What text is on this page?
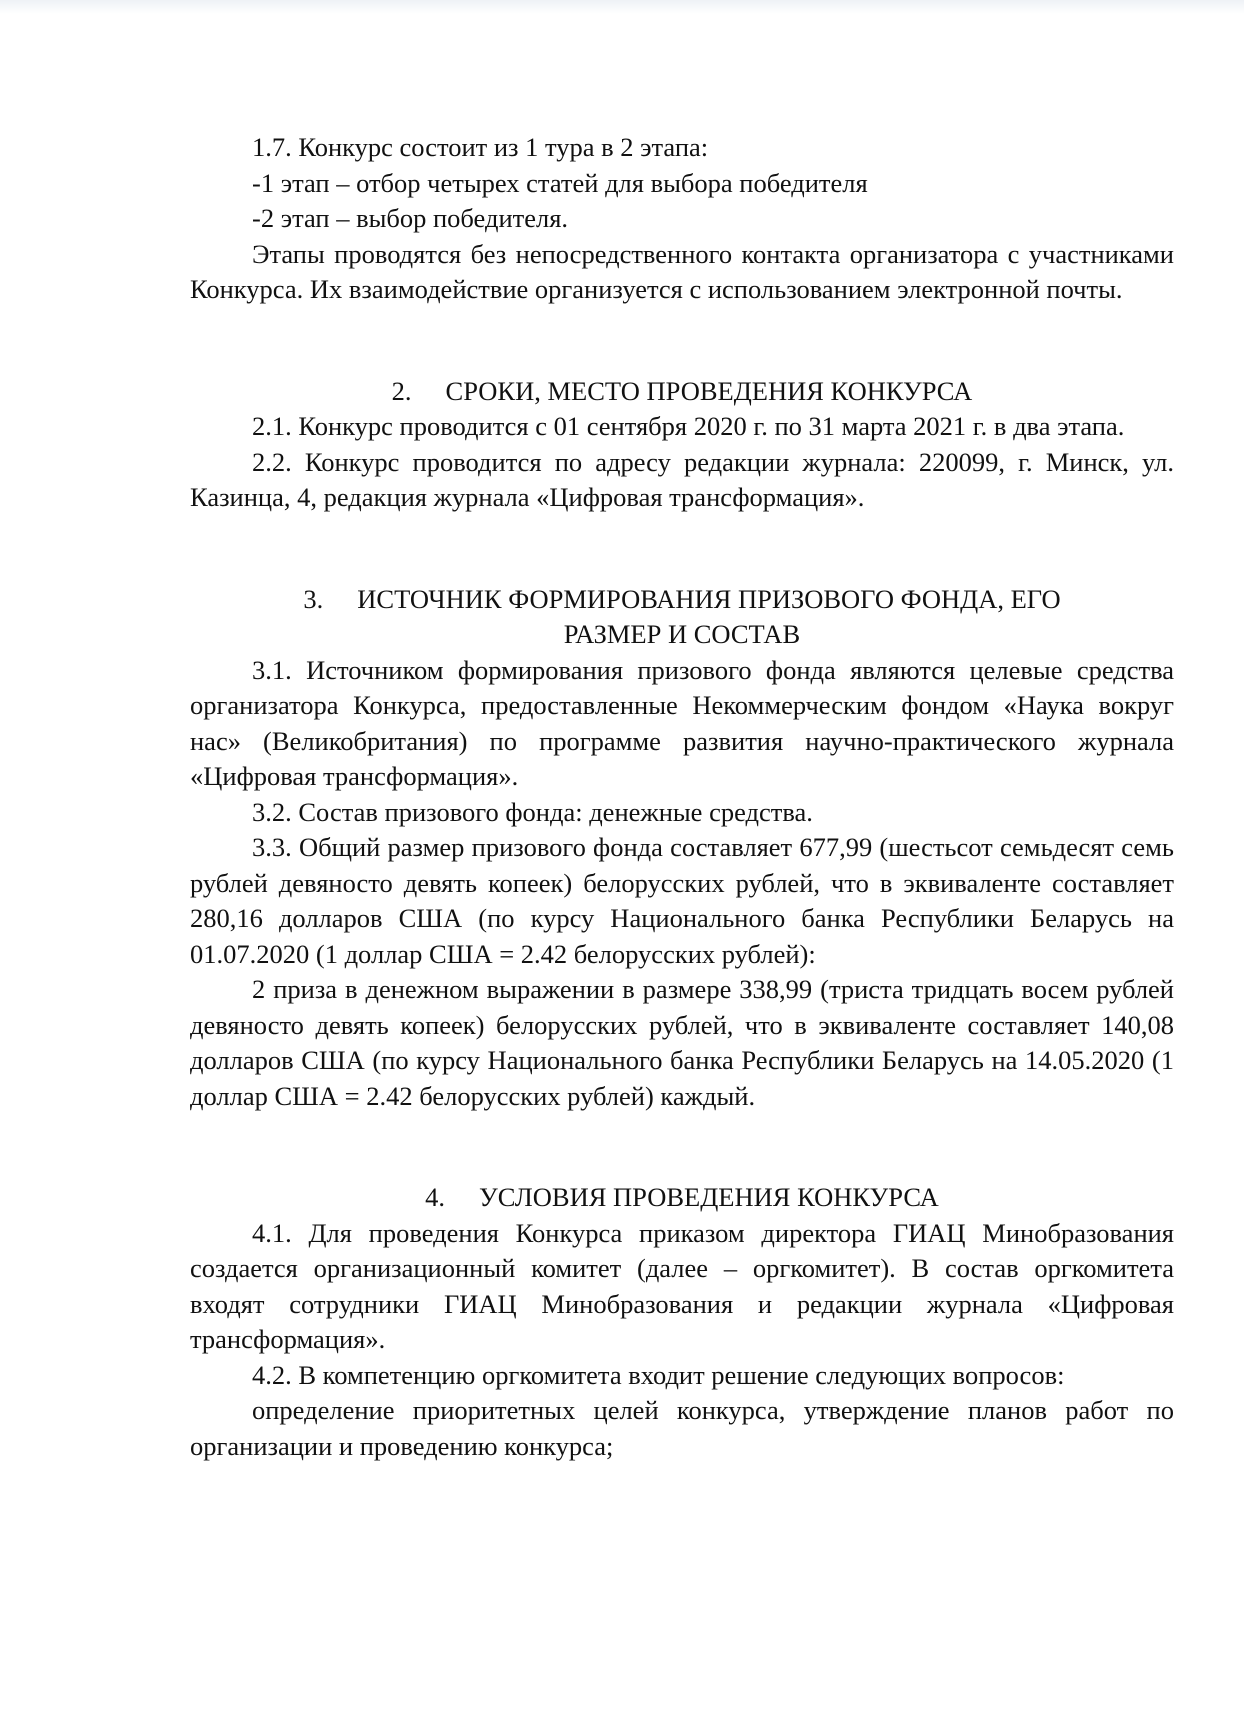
1.7. Конкурс состоит из 1 тура в 2 этапа:

-1 этап – отбор четырех статей для выбора победителя

-2 этап – выбор победителя.

Этапы проводятся без непосредственного контакта организатора с участниками Конкурса. Их взаимодействие организуется с использованием электронной почты.

2. СРОКИ, МЕСТО ПРОВЕДЕНИЯ КОНКУРСА

2.1. Конкурс проводится с 01 сентября 2020 г. по 31 марта 2021 г. в два этапа.

2.2. Конкурс проводится по адресу редакции журнала: 220099, г. Минск, ул. Казинца, 4, редакция журнала «Цифровая трансформация».

3. ИСТОЧНИК ФОРМИРОВАНИЯ ПРИЗОВОГО ФОНДА, ЕГО
РАЗМЕР И СОСТАВ

3.1. Источником формирования призового фонда являются целевые средства организатора Конкурса, предоставленные Некоммерческим фондом «Наука вокруг нас» (Великобритания) по программе развития научно-практического журнала «Цифровая трансформация».

3.2. Состав призового фонда: денежные средства.

3.3. Общий размер призового фонда составляет 677,99 (шестьсот семьдесят семь рублей девяносто девять копеек) белорусских рублей, что в эквиваленте составляет 280,16 долларов США (по курсу Национального банка Республики Беларусь на 01.07.2020 (1 доллар США = 2.42 белорусских рублей):

2 приза в денежном выражении в размере 338,99 (триста тридцать восем рублей девяносто девять копеек) белорусских рублей, что в эквиваленте составляет 140,08 долларов США (по курсу Национального банка Республики Беларусь на 14.05.2020 (1 доллар США = 2.42 белорусских рублей) каждый.

4. УСЛОВИЯ ПРОВЕДЕНИЯ КОНКУРСА

4.1. Для проведения Конкурса приказом директора ГИАЦ Минобразования создается организационный комитет (далее – оргкомитет). В состав оргкомитета входят сотрудники ГИАЦ Минобразования и редакции журнала «Цифровая трансформация».

4.2. В компетенцию оргкомитета входит решение следующих вопросов:

определение приоритетных целей конкурса, утверждение планов работ по организации и проведению конкурса;
